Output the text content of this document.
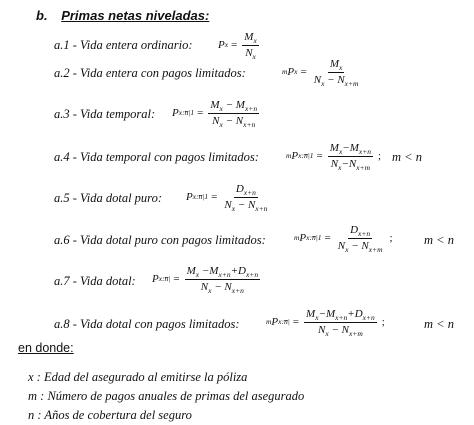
b. Primas netas niveladas:
a.1 - Vida entera ordinario: P $x = \frac{M_x}{N_x}$
a.2 - Vida entera con pagos limitados:	m P $x = \frac{M_x}{N_x - N_{x+m}}$
a.3 - Vida temporal: P x:n̅| $1 = \frac{M_x - M_{x+n}}{N_x - N_{x+n}}$
a.4 - Vida temporal con pagos limitados:	m P x:n̅| $1 = \frac{M_x-M_{x+n}}{N_x-N_{x+m}}$ ; m < n
a.5 - Vida dotal puro: P x:n̅| $1 = \frac{D_{x+n}}{N_x - N_{x+n}}$
a.6 - Vida dotal puro con pagos limitados:	m P x:n̅| $1 = \frac{D_{x+n}}{N_x - N_{x+m}}$ ;	m < n
a.7 - Vida dotal: P x:n̅| = $\frac{M_x -M_{x+n}+D_{x+n}}{N_x - N_{x+n}}$
a.8 - Vida dotal con pagos limitados:	m P x:n̅| = $\frac{M_x-M_{x+n}+D_{x+n}}{N_x - N_{x+m}}$ ;	m < n
en donde:
x : Edad del asegurado al emitirse la póliza
m : Número de pagos anuales de primas del asegurado
n : Años de cobertura del seguro
